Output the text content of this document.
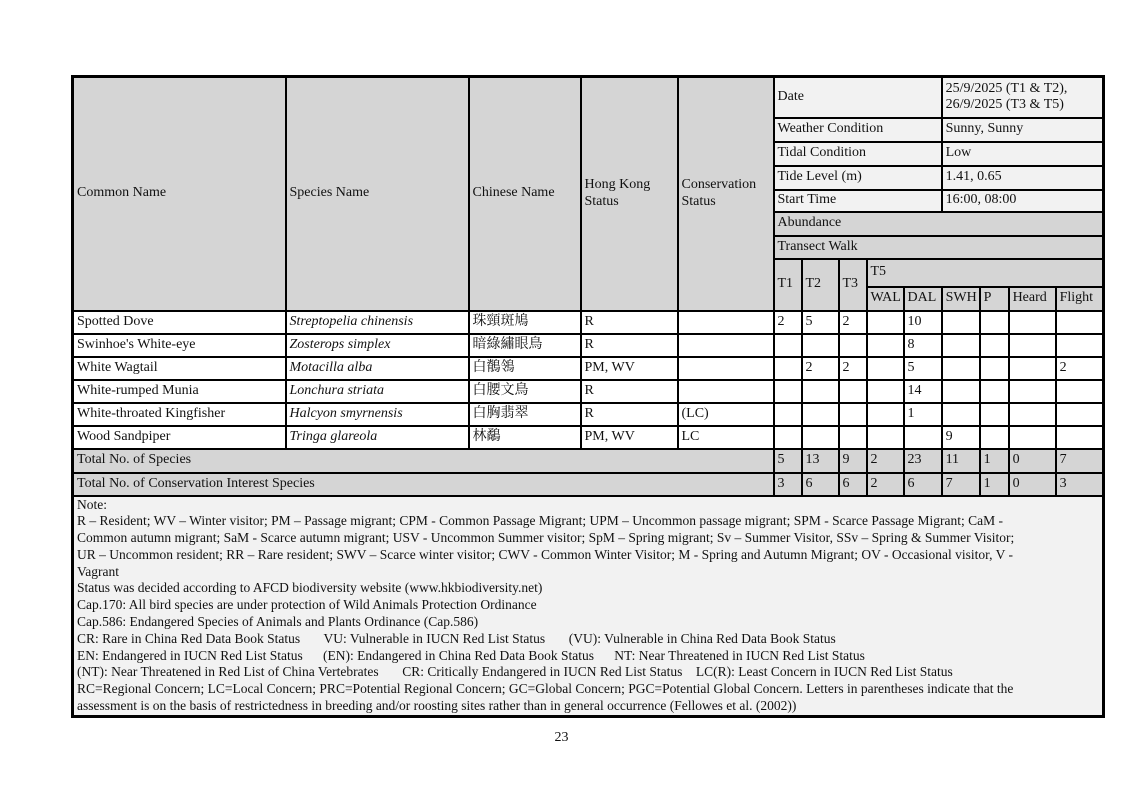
Common Name	Species Name	Chinese Name	Hong Kong Status	Conservation Status	Date					25/9/2025 (T1 & T2), 26/9/2025 (T3 & T5)			
					Weather Condition					Sunny, Sunny			
					Tidal Condition					Low			
					Tide Level (m)					1.41, 0.65			
					Start Time					16:00, 08:00			
					Abundance								
					Transect Walk								
					T1	T2	T3	T5					
								WAL	DAL	SWH	P	Heard	Flight
Spotted Dove	Streptopelia chinensis	珠頸斑鳩	R		2	5	2		10				
Swinhoe's White-eye	Zosterops simplex	暗綠繡眼鳥	R						8				
White Wagtail	Motacilla alba	白鶺鴒	PM, WV			2	2		5				2
White-rumped Munia	Lonchura striata	白腰文鳥	R						14				
White-throated Kingfisher	Halcyon smyrnensis	白胸翡翠	R	(LC)					1				
Wood Sandpiper	Tringa glareola	林鷸	PM, WV	LC						9			
Total No. of Species					5	13	9	2	23	11	1	0	7
Total No. of Conservation Interest Species					3	6	6	2	6	7	1	0	3

Note:
R – Resident; WV – Winter visitor; PM – Passage migrant; CPM - Common Passage Migrant; UPM – Uncommon passage migrant; SPM - Scarce Passage Migrant; CaM -
Common autumn migrant; SaM - Scarce autumn migrant; USV - Uncommon Summer visitor; SpM – Spring migrant; Sv – Summer Visitor, SSv – Spring & Summer Visitor;
UR – Uncommon resident; RR – Rare resident; SWV – Scarce winter visitor; CWV - Common Winter Visitor; M - Spring and Autumn Migrant; OV - Occasional visitor, V -
Vagrant
Status was decided according to AFCD biodiversity website (www.hkbiodiversity.net)
Cap.170: All bird species are under protection of Wild Animals Protection Ordinance
Cap.586: Endangered Species of Animals and Plants Ordinance (Cap.586)
CR: Rare in China Red Data Book Status       VU: Vulnerable in IUCN Red List Status       (VU): Vulnerable in China Red Data Book Status
EN: Endangered in IUCN Red List Status      (EN): Endangered in China Red Data Book Status      NT: Near Threatened in IUCN Red List Status
(NT): Near Threatened in Red List of China Vertebrates       CR: Critically Endangered in IUCN Red List Status    LC(R): Least Concern in IUCN Red List Status
RC=Regional Concern; LC=Local Concern; PRC=Potential Regional Concern; GC=Global Concern; PGC=Potential Global Concern. Letters in parentheses indicate that the
assessment is on the basis of restrictedness in breeding and/or roosting sites rather than in general occurrence (Fellowes et al. (2002))
23
